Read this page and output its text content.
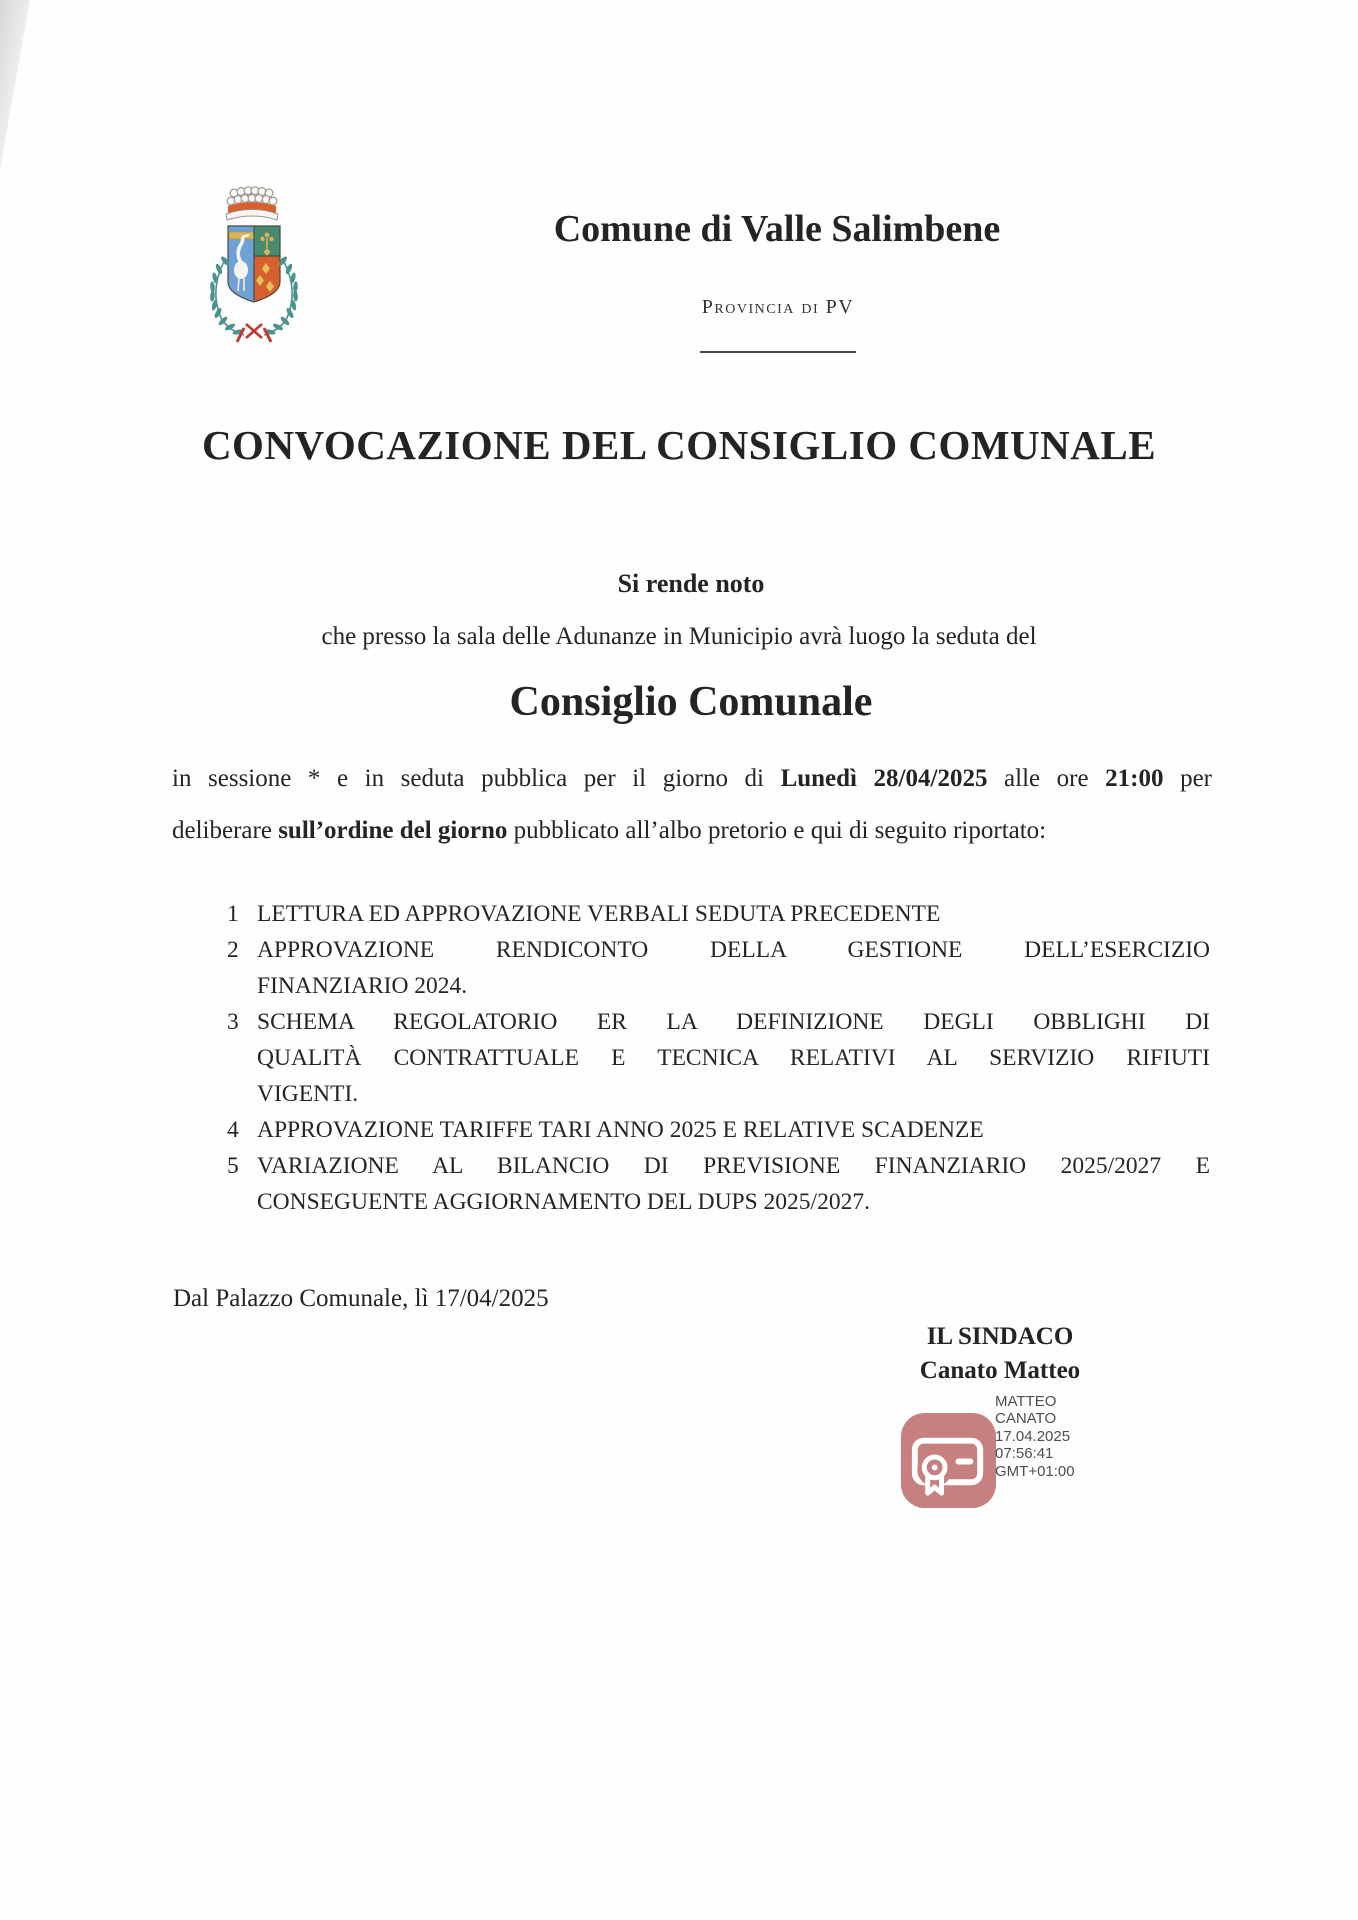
Comune di Valle Salimbene
Provincia di PV
CONVOCAZIONE DEL CONSIGLIO COMUNALE
Si rende noto
che presso la sala delle Adunanze in Municipio avrà luogo la seduta del
Consiglio Comunale
in sessione * e in seduta pubblica per il giorno di Lunedì 28/04/2025 alle ore 21:00 per
deliberare sull’ordine del giorno pubblicato all’albo pretorio e qui di seguito riportato:
1 LETTURA ED APPROVAZIONE VERBALI SEDUTA PRECEDENTE
2 APPROVAZIONE RENDICONTO DELLA GESTIONE DELL’ESERCIZIO
FINANZIARIO 2024.
3 SCHEMA REGOLATORIO ER LA DEFINIZIONE DEGLI OBBLIGHI DI
QUALITÀ CONTRATTUALE E TECNICA RELATIVI AL SERVIZIO RIFIUTI
VIGENTI.
4 APPROVAZIONE TARIFFE TARI ANNO 2025 E RELATIVE SCADENZE
5 VARIAZIONE AL BILANCIO DI PREVISIONE FINANZIARIO 2025/2027 E
CONSEGUENTE AGGIORNAMENTO DEL DUPS 2025/2027.
Dal Palazzo Comunale, lì 17/04/2025
IL SINDACO
Canato Matteo
MATTEO
CANATO
17.04.2025
07:56:41
GMT+01:00
